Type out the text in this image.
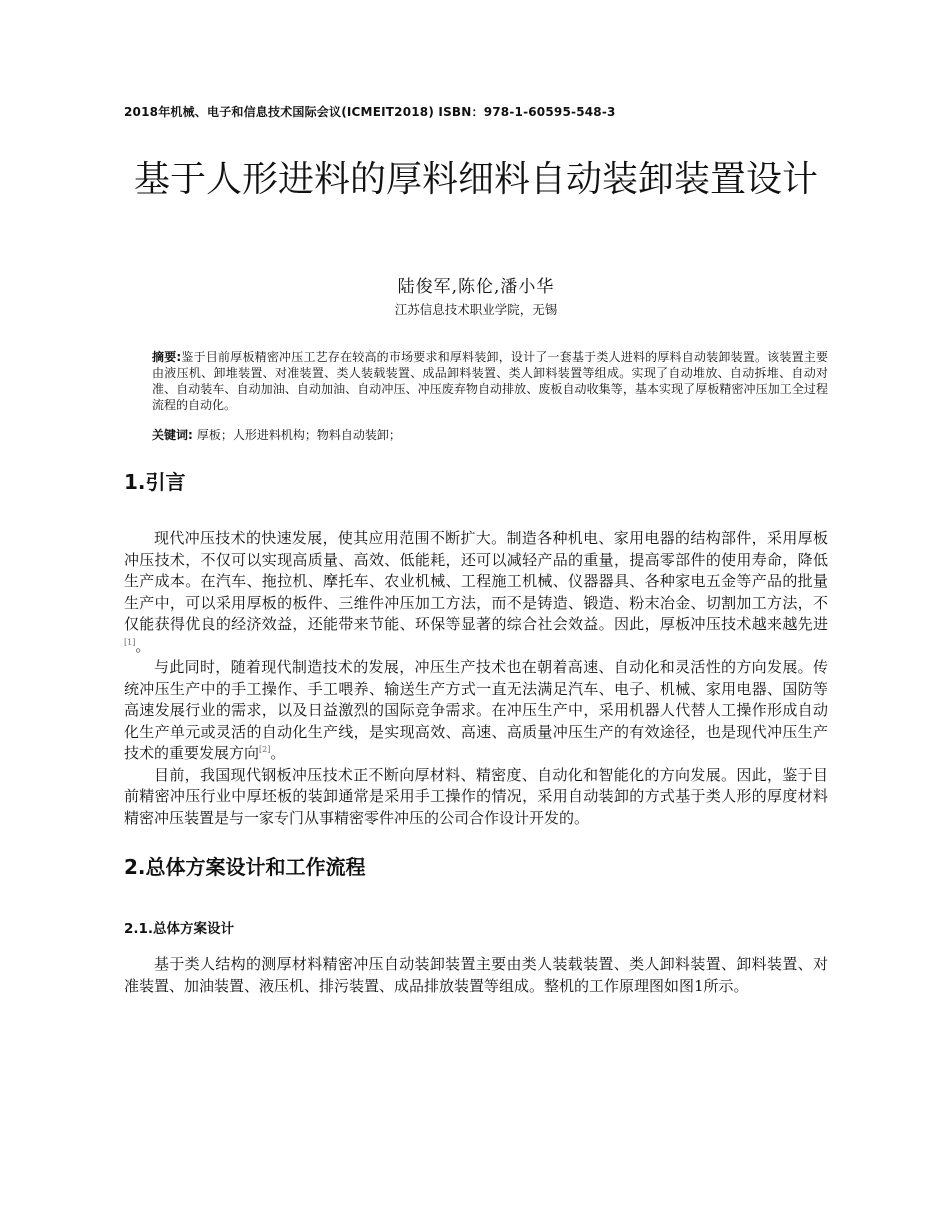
2018年机械、电子和信息技术国际会议(ICMEIT2018) ISBN：978-1-60595-548-3
基于人形进料的厚料细料自动装卸装置设计
陆俊军,陈伦,潘小华
江苏信息技术职业学院，无锡
摘要:鉴于目前厚板精密冲压工艺存在较高的市场要求和厚料装卸，设计了一套基于类人进料的厚料自动装卸装置。该装置主要由液压机、卸堆装置、对准装置、类人装载装置、成品卸料装置、类人卸料装置等组成。实现了自动堆放、自动拆堆、自动对准、自动装车、自动加油、自动加油、自动冲压、冲压废弃物自动排放、废板自动收集等，基本实现了厚板精密冲压加工全过程流程的自动化。
关键词: 厚板；人形进料机构；物料自动装卸；
1.引言

现代冲压技术的快速发展，使其应用范围不断扩大。制造各种机电、家用电器的结构部件，采用厚板冲压技术，不仅可以实现高质量、高效、低能耗，还可以减轻产品的重量，提高零部件的使用寿命，降低生产成本。在汽车、拖拉机、摩托车、农业机械、工程施工机械、仪器器具、各种家电五金等产品的批量生产中，可以采用厚板的板件、三维件冲压加工方法，而不是铸造、锻造、粉末冶金、切割加工方法，不仅能获得优良的经济效益，还能带来节能、环保等显著的综合社会效益。因此，厚板冲压技术越来越先进[1]。

与此同时，随着现代制造技术的发展，冲压生产技术也在朝着高速、自动化和灵活性的方向发展。传统冲压生产中的手工操作、手工喂养、输送生产方式一直无法满足汽车、电子、机械、家用电器、国防等高速发展行业的需求，以及日益激烈的国际竞争需求。在冲压生产中，采用机器人代替人工操作形成自动化生产单元或灵活的自动化生产线，是实现高效、高速、高质量冲压生产的有效途径，也是现代冲压生产技术的重要发展方向[2]。

目前，我国现代钢板冲压技术正不断向厚材料、精密度、自动化和智能化的方向发展。因此，鉴于目前精密冲压行业中厚坯板的装卸通常是采用手工操作的情况，采用自动装卸的方式基于类人形的厚度材料精密冲压装置是与一家专门从事精密零件冲压的公司合作设计开发的。

2.总体方案设计和工作流程
2.1.总体方案设计

基于类人结构的测厚材料精密冲压自动装卸装置主要由类人装载装置、类人卸料装置、卸料装置、对准装置、加油装置、液压机、排污装置、成品排放装置等组成。整机的工作原理图如图1所示。
